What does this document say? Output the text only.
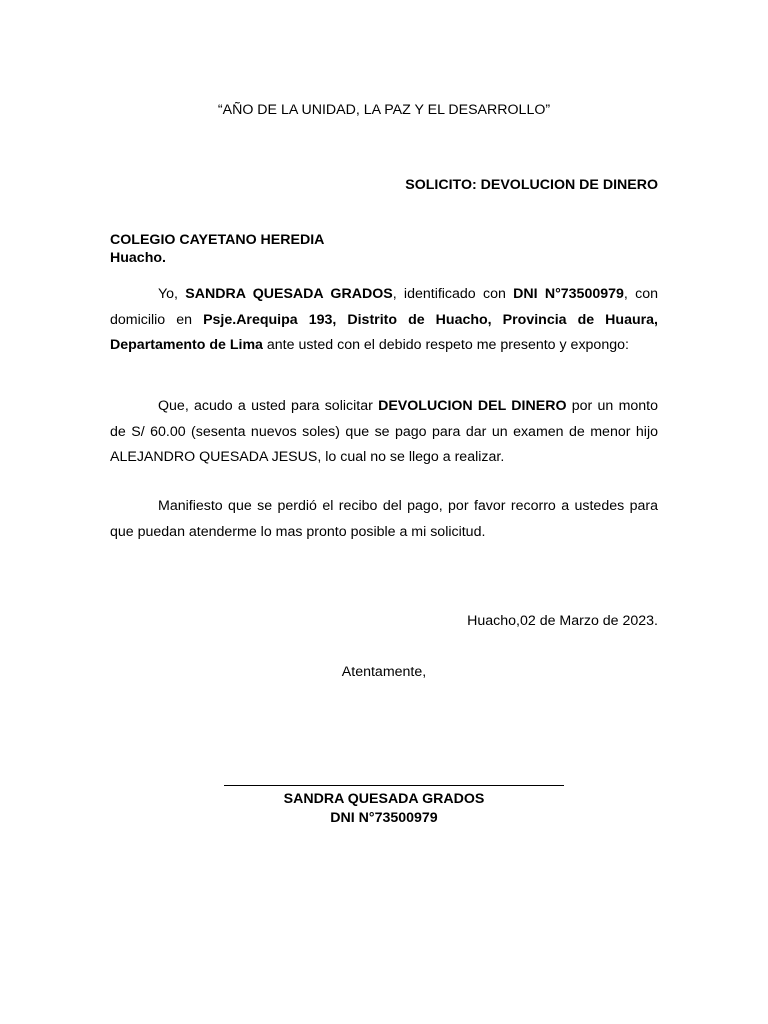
“AÑO DE LA UNIDAD, LA PAZ Y EL DESARROLLO”
SOLICITO: DEVOLUCION DE DINERO
COLEGIO CAYETANO HEREDIA
Huacho.

Yo, SANDRA QUESADA GRADOS, identificado con DNI N°73500979, con domicilio en Psje.Arequipa 193, Distrito de Huacho, Provincia de Huaura, Departamento de Lima ante usted con el debido respeto me presento y expongo:

Que, acudo a usted para solicitar DEVOLUCION DEL DINERO por un monto de S/ 60.00 (sesenta nuevos soles) que se pago para dar un examen de menor hijo ALEJANDRO QUESADA JESUS, lo cual no se llego a realizar.

Manifiesto que se perdió el recibo del pago, por favor recorro a ustedes para que puedan atenderme lo mas pronto posible a mi solicitud.

Huacho,02 de Marzo de 2023.
Atentamente,
SANDRA QUESADA GRADOS
DNI N°73500979
